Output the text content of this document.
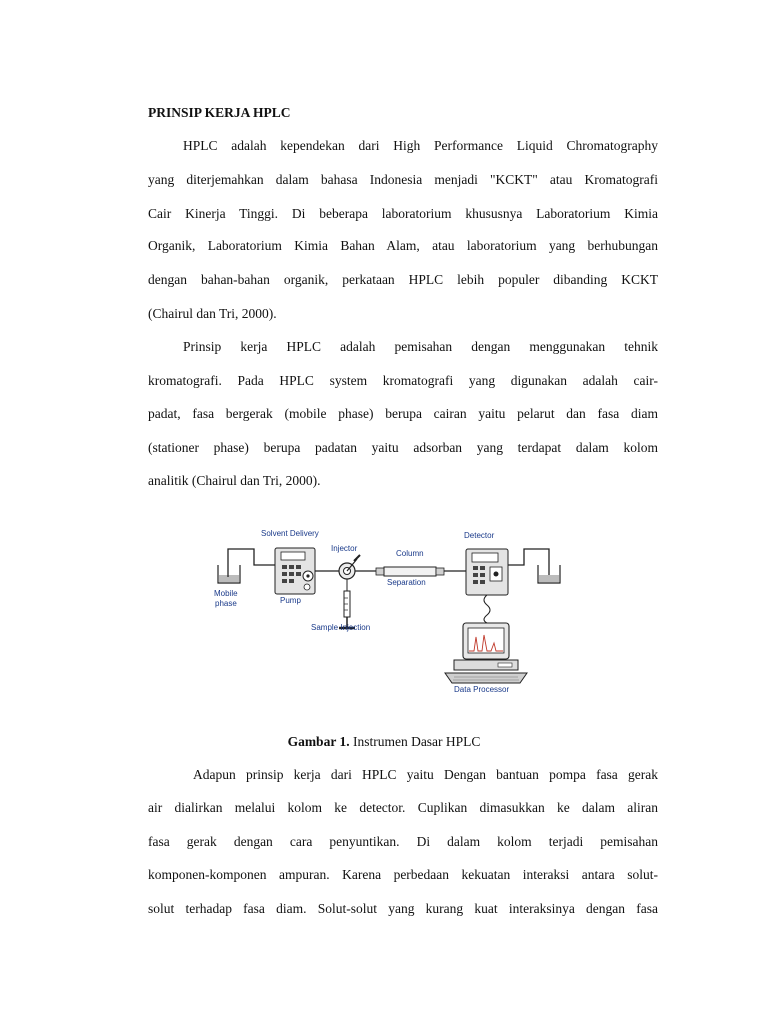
PRINSIP KERJA HPLC
HPLC adalah kependekan dari High Performance Liquid Chromatography
yang diterjemahkan dalam bahasa Indonesia menjadi "KCKT" atau Kromatografi
Cair Kinerja Tinggi. Di beberapa laboratorium khususnya Laboratorium Kimia
Organik, Laboratorium Kimia Bahan Alam, atau laboratorium yang berhubungan
dengan bahan-bahan organik, perkataan HPLC lebih populer dibanding KCKT
(Chairul dan Tri, 2000).
Prinsip kerja HPLC adalah pemisahan dengan menggunakan tehnik
kromatografi. Pada HPLC system kromatografi yang digunakan adalah cair-
padat, fasa bergerak (mobile phase) berupa cairan yaitu pelarut dan fasa diam
(stationer phase) berupa padatan yaitu adsorban yang terdapat dalam kolom
analitik (Chairul dan Tri, 2000).
Mobile
phase
Solvent Delivery
Pump
Injector
Sample Injection
Column
Separation
Detector
Data Processor
Gambar 1. Instrumen Dasar HPLC
Adapun prinsip kerja dari HPLC yaitu Dengan bantuan pompa fasa gerak
air dialirkan melalui kolom ke detector. Cuplikan dimasukkan ke dalam aliran
fasa gerak dengan cara penyuntikan. Di dalam kolom terjadi pemisahan
komponen-komponen ampuran. Karena perbedaan kekuatan interaksi antara solut-
solut terhadap fasa diam. Solut-solut yang kurang kuat interaksinya dengan fasa
